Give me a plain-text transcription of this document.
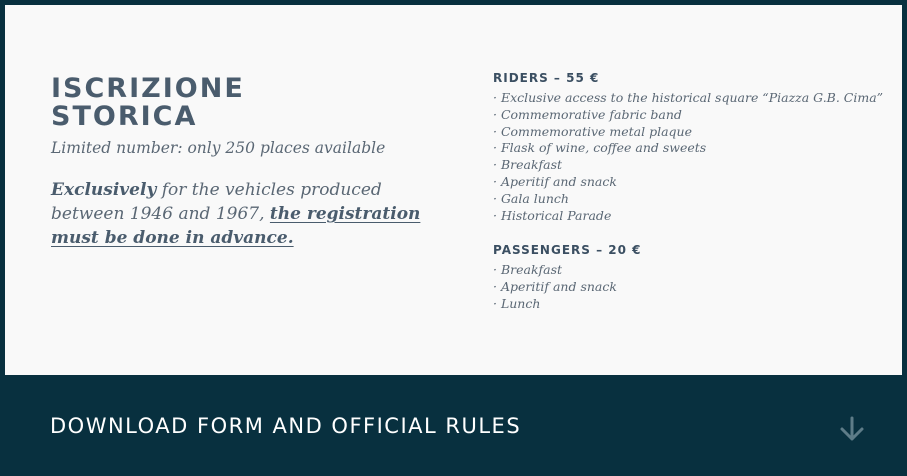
ISCRIZIONE
STORICA
Limited number: only 250 places available
Exclusively for the vehicles produced between 1946 and 1967, the registration must be done in advance.
RIDERS – 55 €
· Exclusive access to the historical square “Piazza G.B. Cima”
· Commemorative fabric band
· Commemorative metal plaque
· Flask of wine, coffee and sweets
· Breakfast
· Aperitif and snack
· Gala lunch
· Historical Parade
PASSENGERS – 20 €
· Breakfast
· Aperitif and snack
· Lunch
DOWNLOAD FORM AND OFFICIAL RULES
